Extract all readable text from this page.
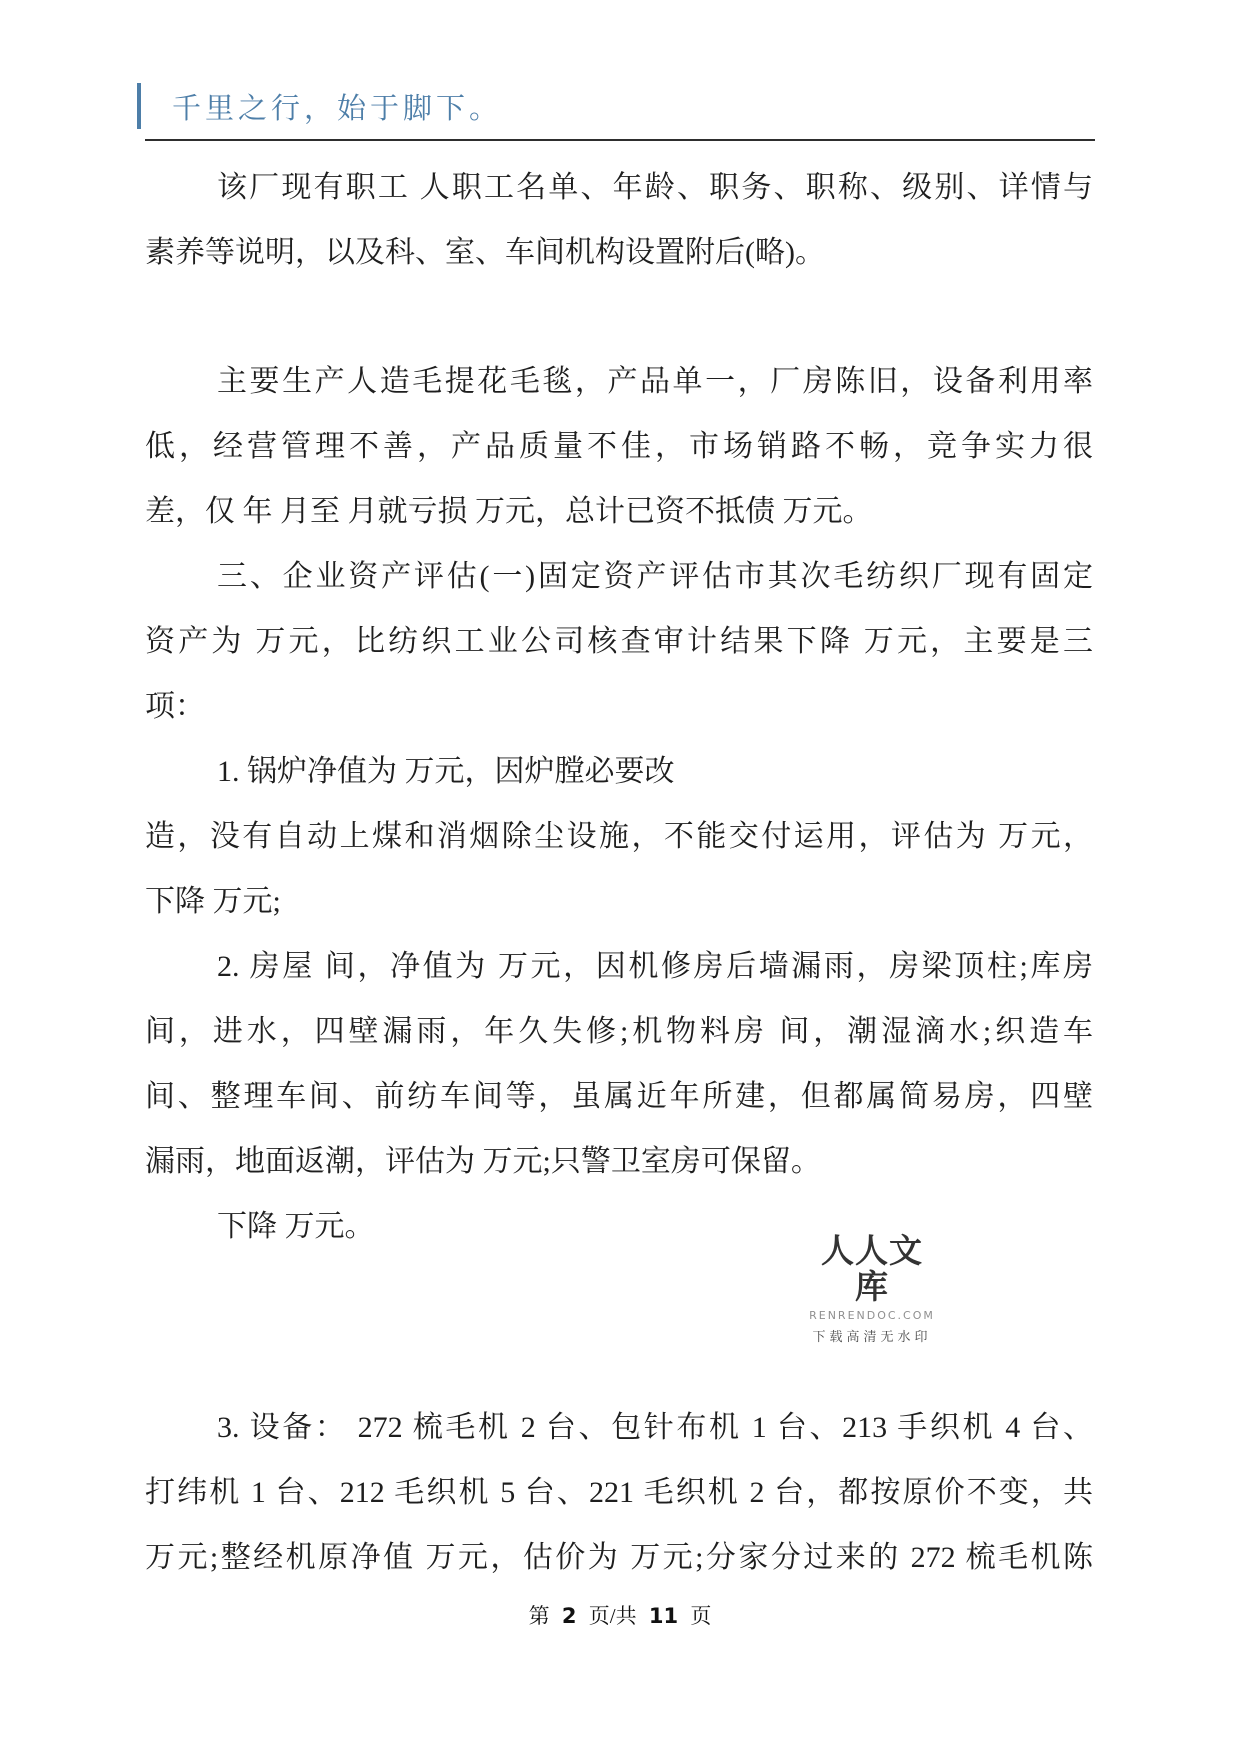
千里之行，始于脚下。
该厂现有职工 人职工名单、年龄、职务、职称、级别、详情与
素养等说明，以及科、室、车间机构设置附后(略)。
主要生产人造毛提花毛毯，产品单一，厂房陈旧，设备利用率
低，经营管理不善，产品质量不佳，市场销路不畅，竞争实力很
差，仅 年 月至 月就亏损 万元，总计已资不抵债 万元。
三、企业资产评估(一)固定资产评估市其次毛纺织厂现有固定
资产为 万元，比纺织工业公司核查审计结果下降 万元，主要是三
项：
1. 锅炉净值为 万元，因炉膛必要改
造，没有自动上煤和消烟除尘设施，不能交付运用，评估为 万元，
下降 万元;
2. 房屋 间，净值为 万元，因机修房后墙漏雨，房梁顶柱;库房
间，进水，四壁漏雨，年久失修;机物料房 间，潮湿滴水;织造车
间、整理车间、前纺车间等，虽属近年所建，但都属简易房，四壁
漏雨，地面返潮，评估为 万元;只警卫室房可保留。
下降 万元。
3. 设备： 272 梳毛机 2 台、包针布机 1 台、213 手织机 4 台、
打纬机 1 台、212 毛织机 5 台、221 毛织机 2 台，都按原价不变，共
万元;整经机原净值 万元，估价为 万元;分家分过来的 272 梳毛机陈
人人文库
RENRENDOC.COM
下载高清无水印
第 2 页/共 11 页
